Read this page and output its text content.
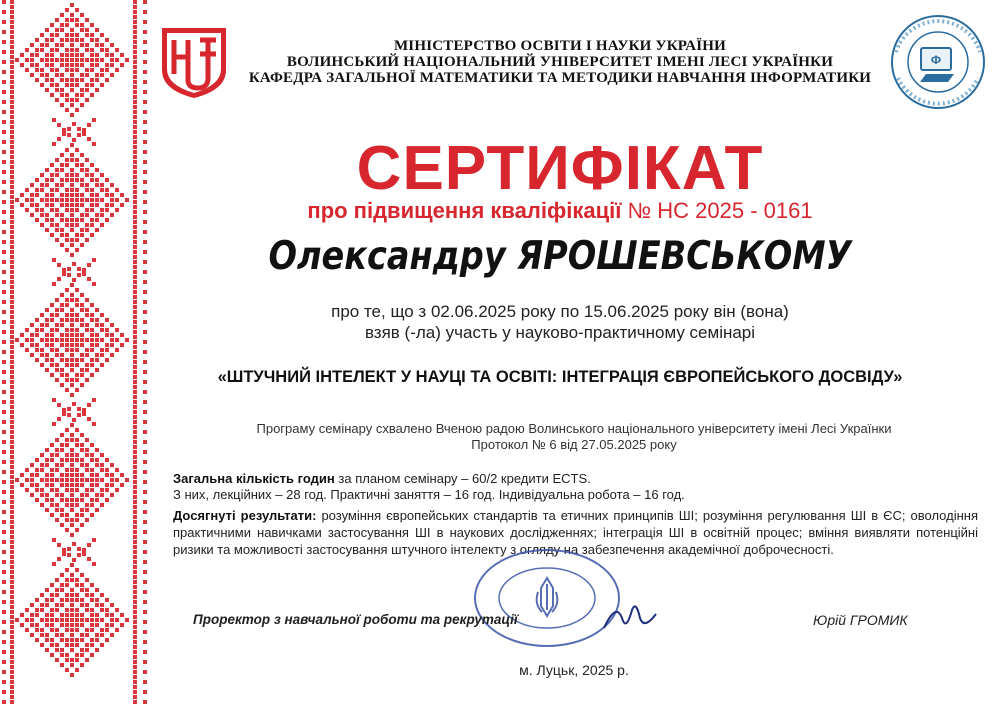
Ф
МІНІСТЕРСТВО ОСВІТИ І НАУКИ УКРАЇНИ
ВОЛИНСЬКИЙ НАЦІОНАЛЬНИЙ УНІВЕРСИТЕТ ІМЕНІ ЛЕСІ УКРАЇНКИ
КАФЕДРА ЗАГАЛЬНОЇ МАТЕМАТИКИ ТА МЕТОДИКИ НАВЧАННЯ ІНФОРМАТИКИ
СЕРТИФІКАТ
про підвищення кваліфікації № НС 2025 - 0161
Олександру ЯРОШЕВСЬКОМУ
про те, що з 02.06.2025 року по 15.06.2025 року він (вона)
взяв (-ла) участь у науково-практичному семінарі
«ШТУЧНИЙ ІНТЕЛЕКТ У НАУЦІ ТА ОСВІТІ: ІНТЕГРАЦІЯ ЄВРОПЕЙСЬКОГО ДОСВІДУ»
Програму семінару схвалено Вченою радою Волинського національного університету імені Лесі Українки
Протокол № 6 від 27.05.2025 року
Загальна кількість годин за планом семінару – 60/2 кредити ECTS.
З них, лекційних – 28 год. Практичні заняття – 16 год. Індивідуальна робота – 16 год.
Досягнуті результати: розуміння європейських стандартів та етичних принципів ШІ; розуміння регулювання ШІ в ЄС; оволодіння практичними навичками застосування ШІ в наукових дослідженнях; інтеграція ШІ в освітній процес; вміння виявляти потенційні ризики та можливості застосування штучного інтелекту з огляду на забезпечення академічної доброчесності.
Проректор з навчальної роботи та рекрутації	Юрій ГРОМИК
м. Луцьк, 2025 р.
